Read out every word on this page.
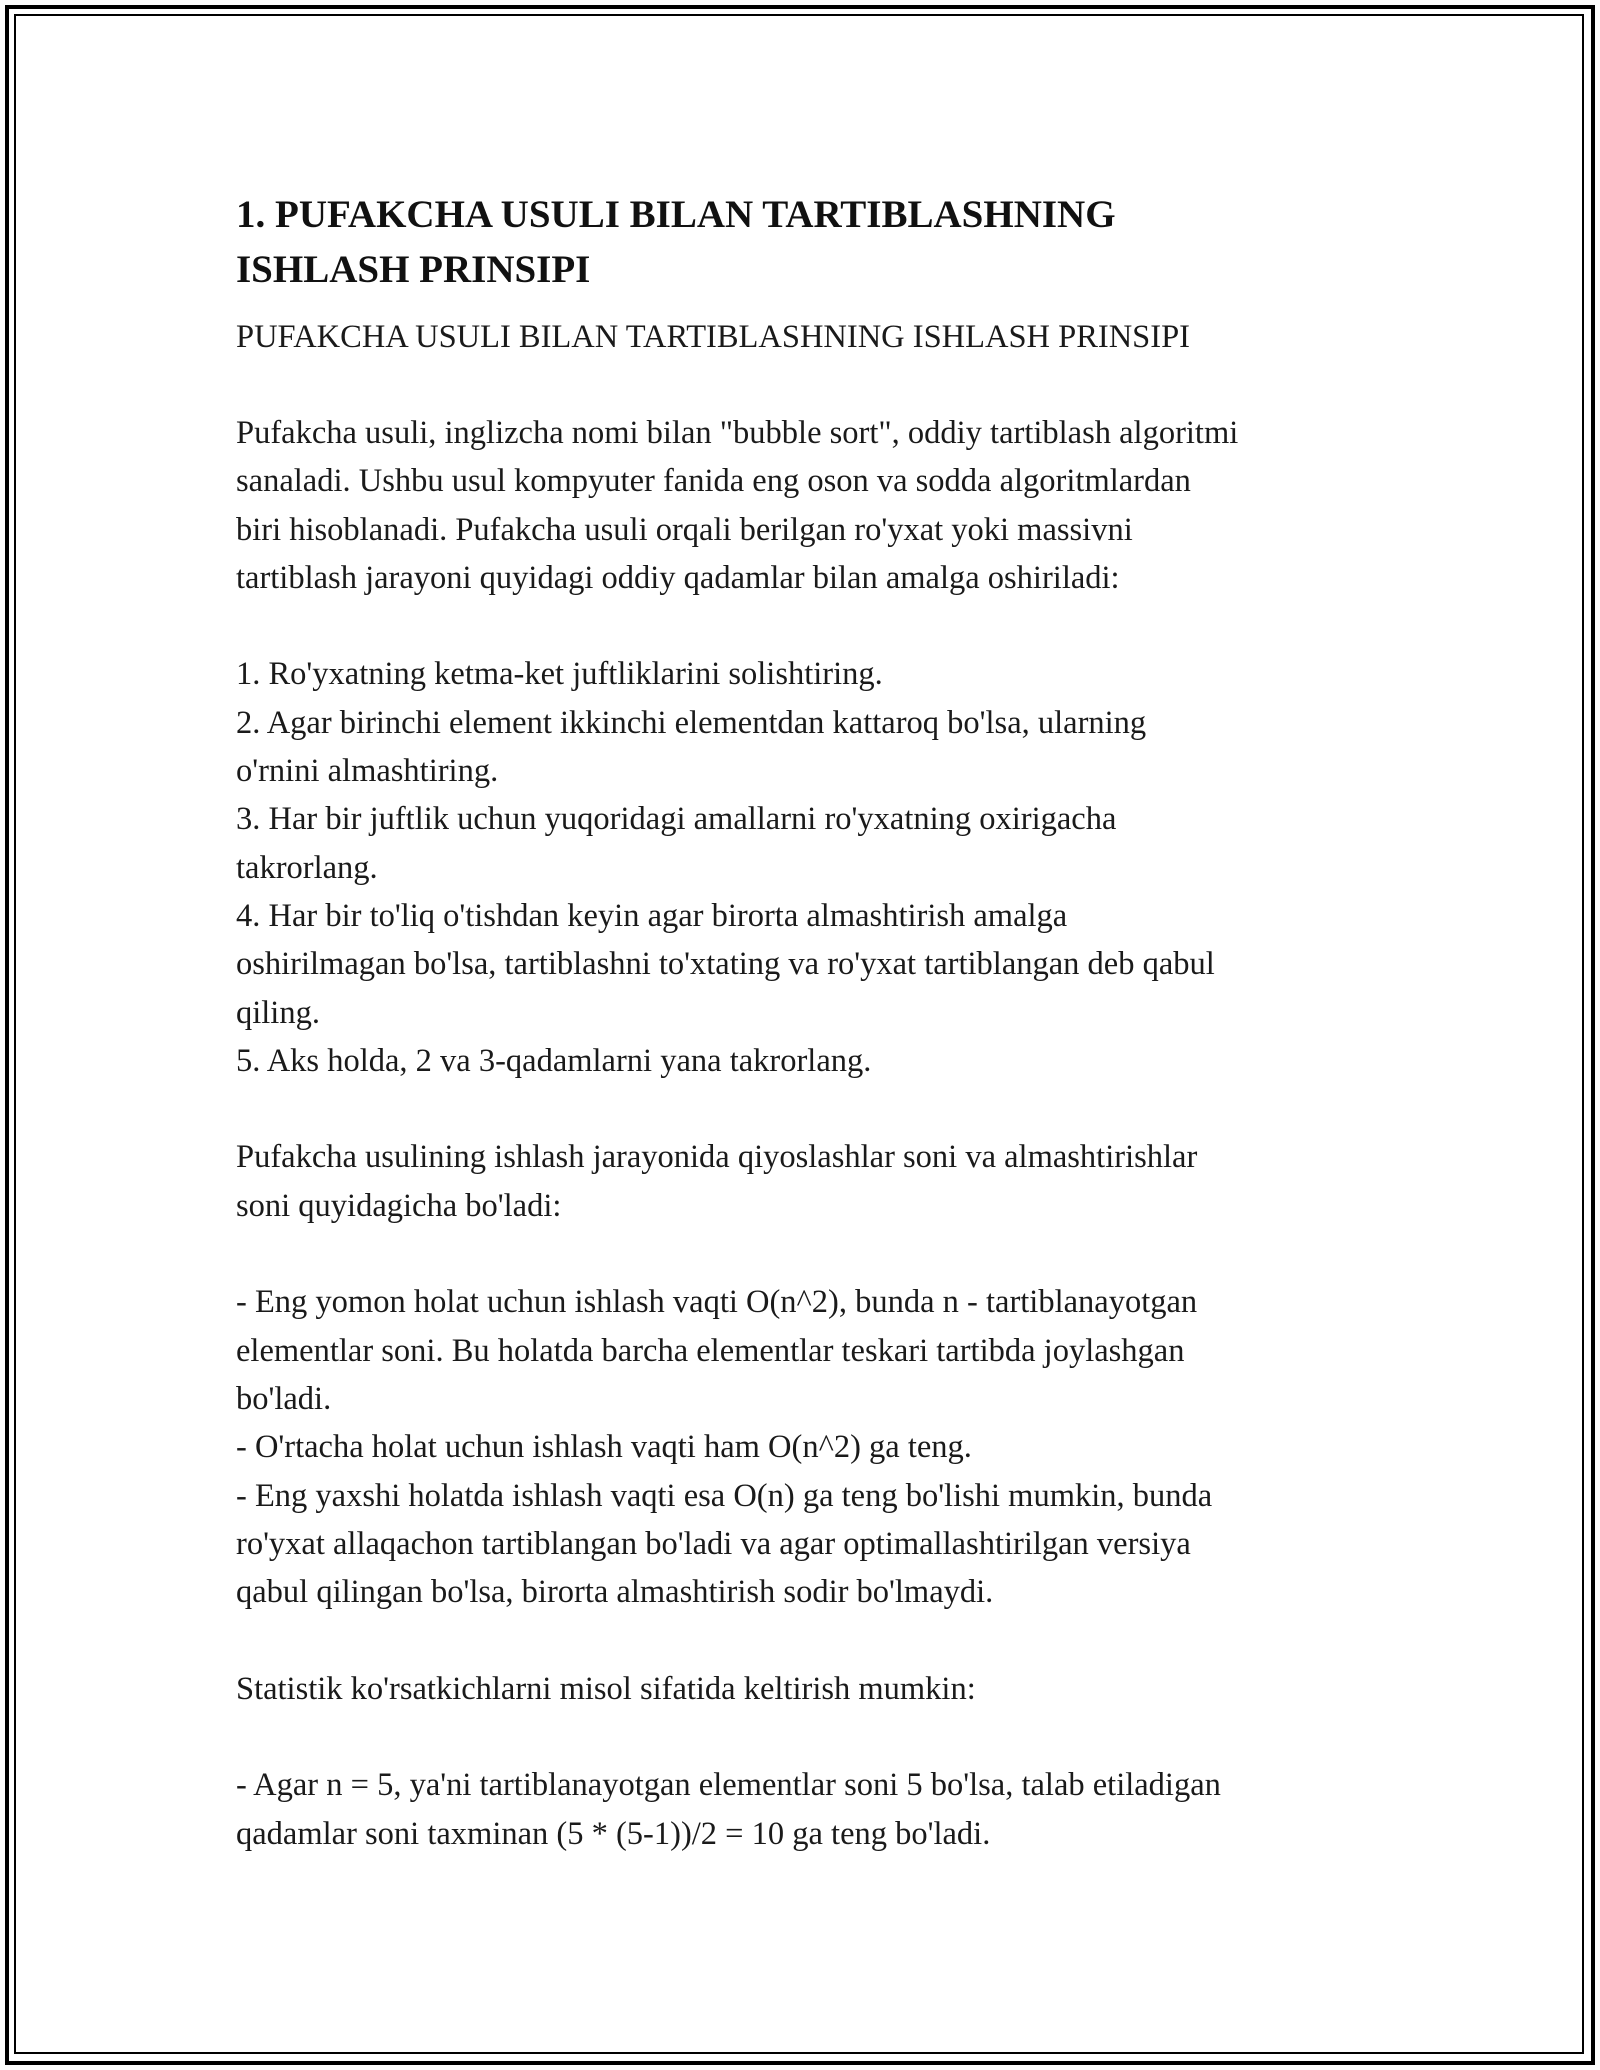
1. PUFAKCHA USULI BILAN TARTIBLASHNING
ISHLASH PRINSIPI

PUFAKCHA USULI BILAN TARTIBLASHNING ISHLASH PRINSIPI

Pufakcha usuli, inglizcha nomi bilan "bubble sort", oddiy tartiblash algoritmi
sanaladi. Ushbu usul kompyuter fanida eng oson va sodda algoritmlardan
biri hisoblanadi. Pufakcha usuli orqali berilgan ro'yxat yoki massivni
tartiblash jarayoni quyidagi oddiy qadamlar bilan amalga oshiriladi:
1. Ro'yxatning ketma-ket juftliklarini solishtiring.
2. Agar birinchi element ikkinchi elementdan kattaroq bo'lsa, ularning
o'rnini almashtiring.
3. Har bir juftlik uchun yuqoridagi amallarni ro'yxatning oxirigacha
takrorlang.
4. Har bir to'liq o'tishdan keyin agar birorta almashtirish amalga
oshirilmagan bo'lsa, tartiblashni to'xtating va ro'yxat tartiblangan deb qabul
qiling.
5. Aks holda, 2 va 3-qadamlarni yana takrorlang.
Pufakcha usulining ishlash jarayonida qiyoslashlar soni va almashtirishlar
soni quyidagicha bo'ladi:
- Eng yomon holat uchun ishlash vaqti O(n^2), bunda n - tartiblanayotgan
elementlar soni. Bu holatda barcha elementlar teskari tartibda joylashgan
bo'ladi.
- O'rtacha holat uchun ishlash vaqti ham O(n^2) ga teng.
- Eng yaxshi holatda ishlash vaqti esa O(n) ga teng bo'lishi mumkin, bunda
ro'yxat allaqachon tartiblangan bo'ladi va agar optimallashtirilgan versiya
qabul qilingan bo'lsa, birorta almashtirish sodir bo'lmaydi.
Statistik ko'rsatkichlarni misol sifatida keltirish mumkin:
- Agar n = 5, ya'ni tartiblanayotgan elementlar soni 5 bo'lsa, talab etiladigan
qadamlar soni taxminan (5 * (5-1))/2 = 10 ga teng bo'ladi.
